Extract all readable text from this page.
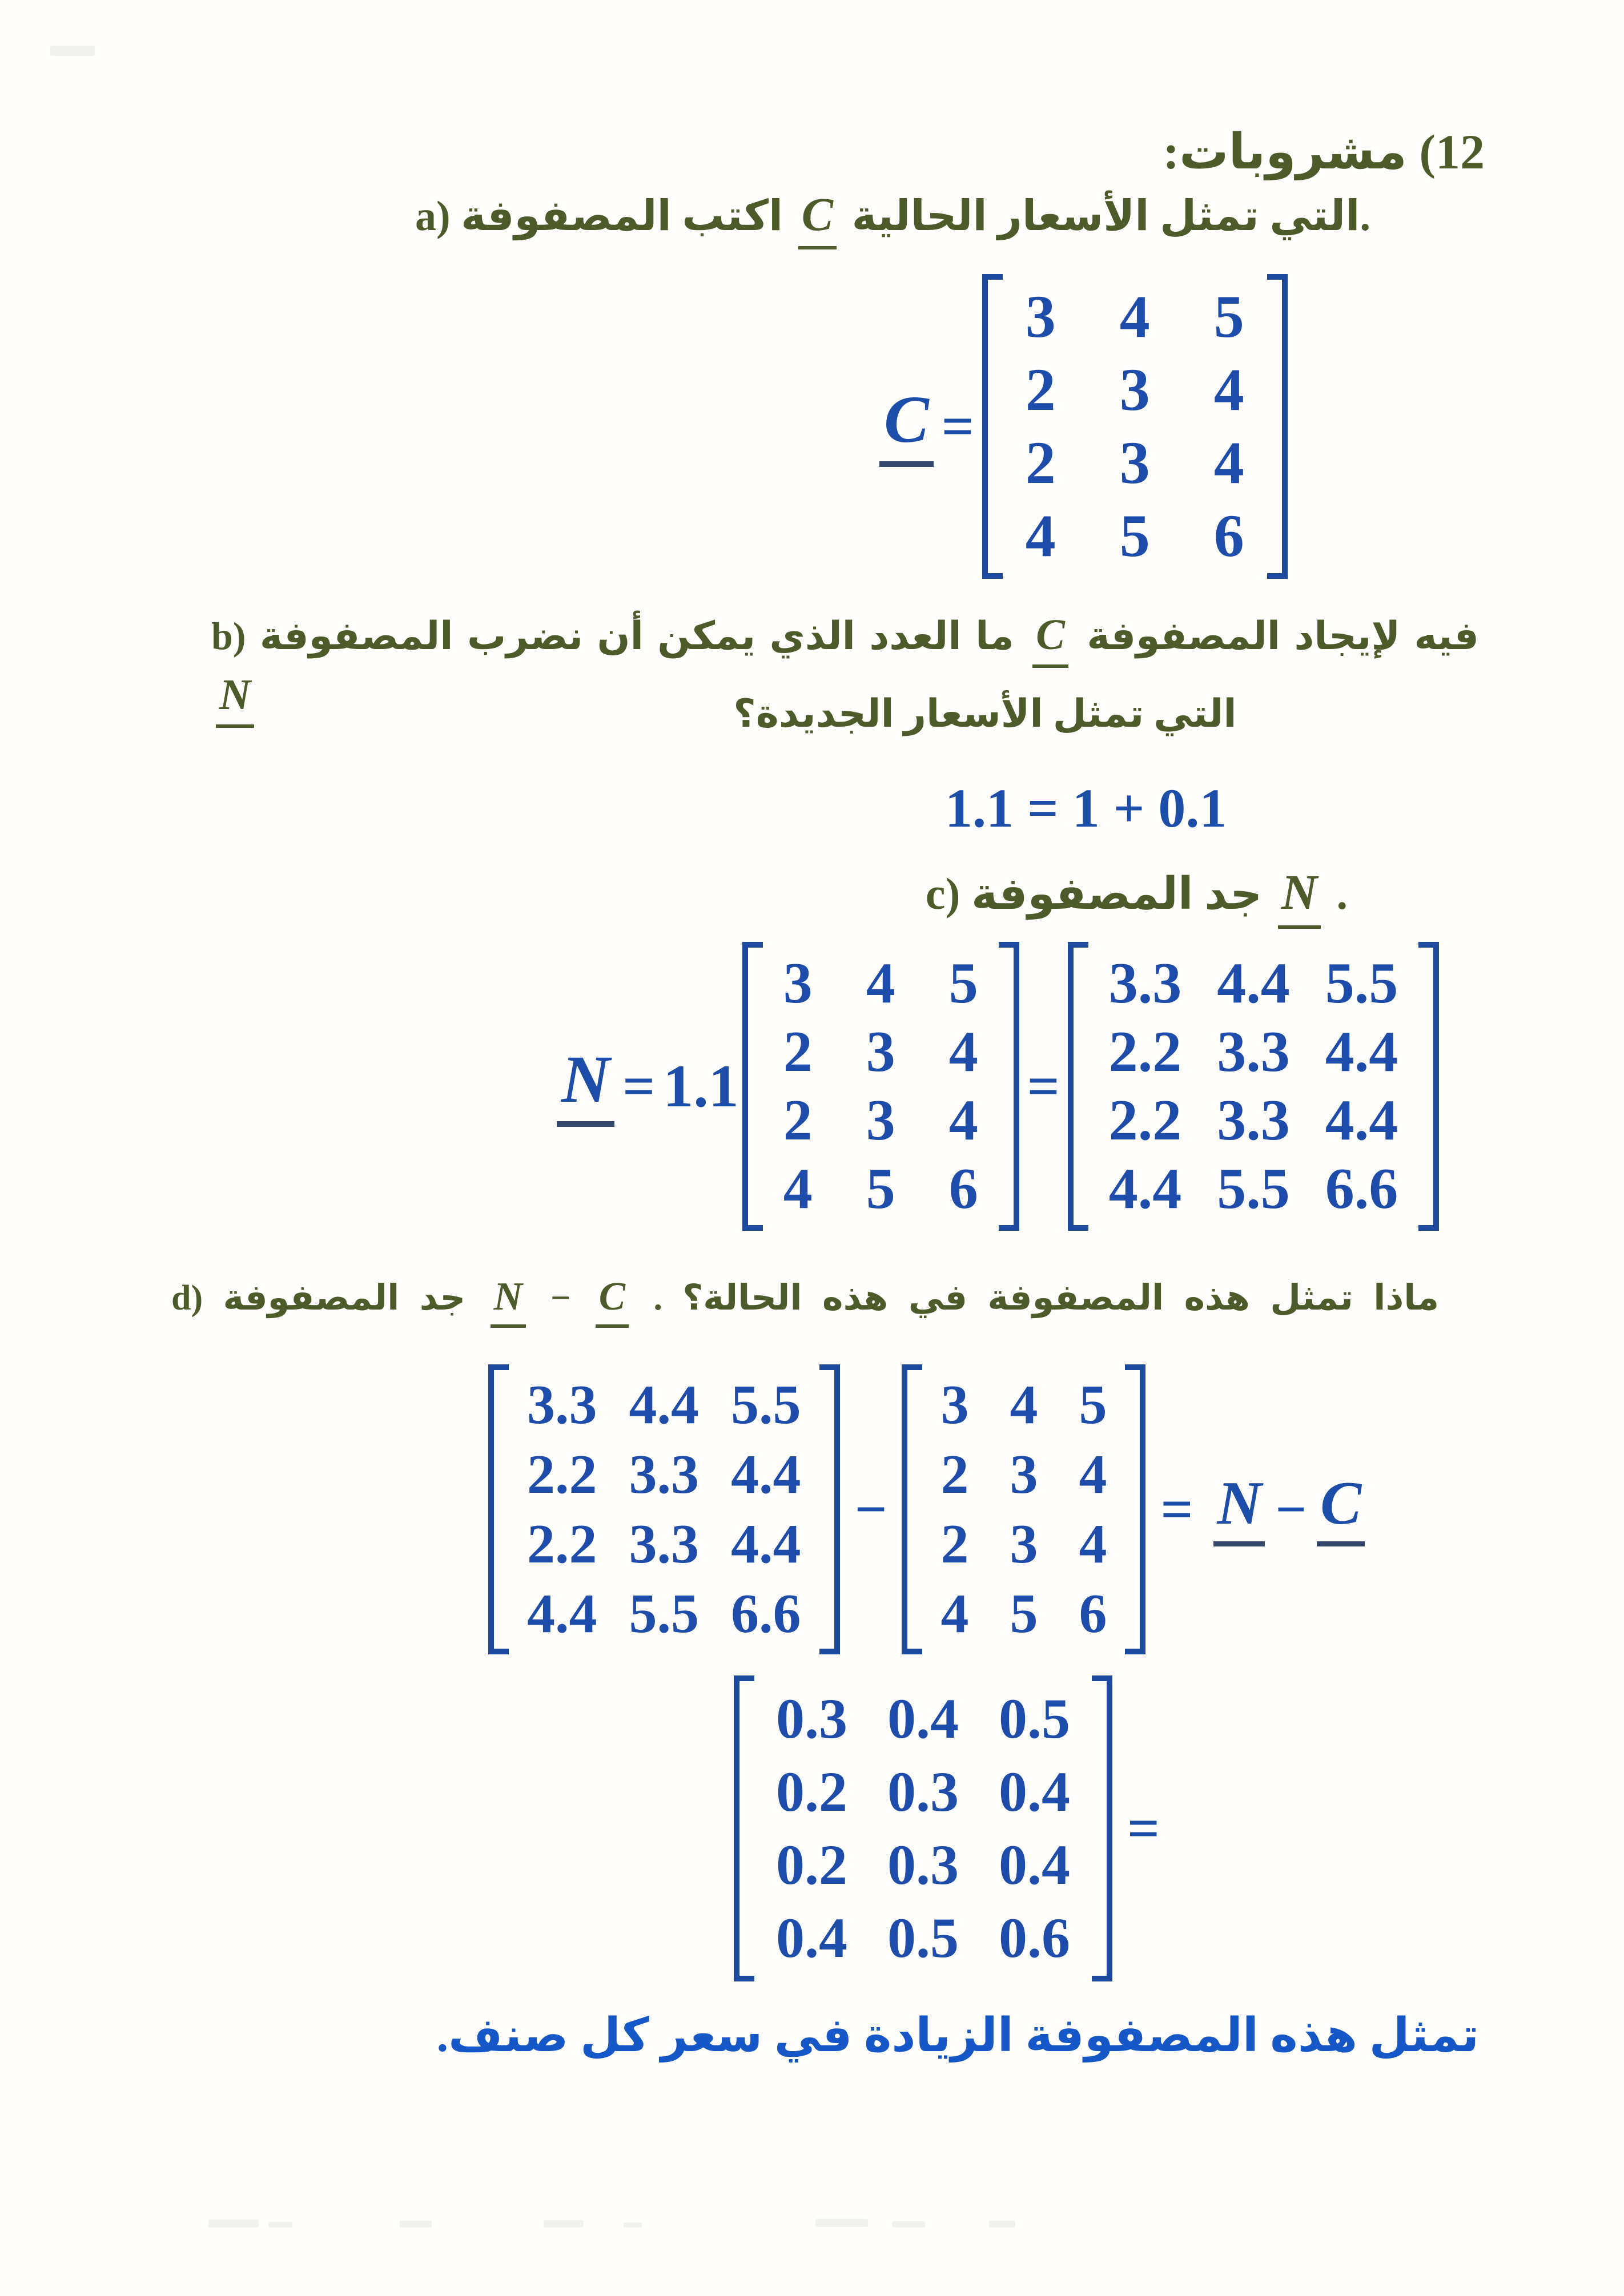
12) مشروبات:
a) اكتب المصفوفة C التي تمثل الأسعار الحالية.
C =
3 4 5
2 3 4
2 3 4
4 5 6
b) ما العدد الذي يمكن أن نضرب المصفوفة C فيه لإيجاد المصفوفة N	التي تمثل الأسعار الجديدة؟
1.1 = 1 + 0.1
c) جد المصفوفة N .
N = 1.1
3 4 5
2 3 4
2 3 4
4 5 6
=
3.3 4.4 5.5
2.2 3.3 4.4
2.2 3.3 4.4
4.4 5.5 6.6
d) جد المصفوفة N − C . ماذا تمثل هذه المصفوفة في هذه الحالة؟
3.3 4.4 5.5
2.2 3.3 4.4
2.2 3.3 4.4
4.4 5.5 6.6
−
3 4 5
2 3 4
2 3 4
4 5 6
= N − C
0.3 0.4 0.5
0.2 0.3 0.4
0.2 0.3 0.4
0.4 0.5 0.6
=
تمثل هذه المصفوفة الزيادة في سعر كل صنف.
